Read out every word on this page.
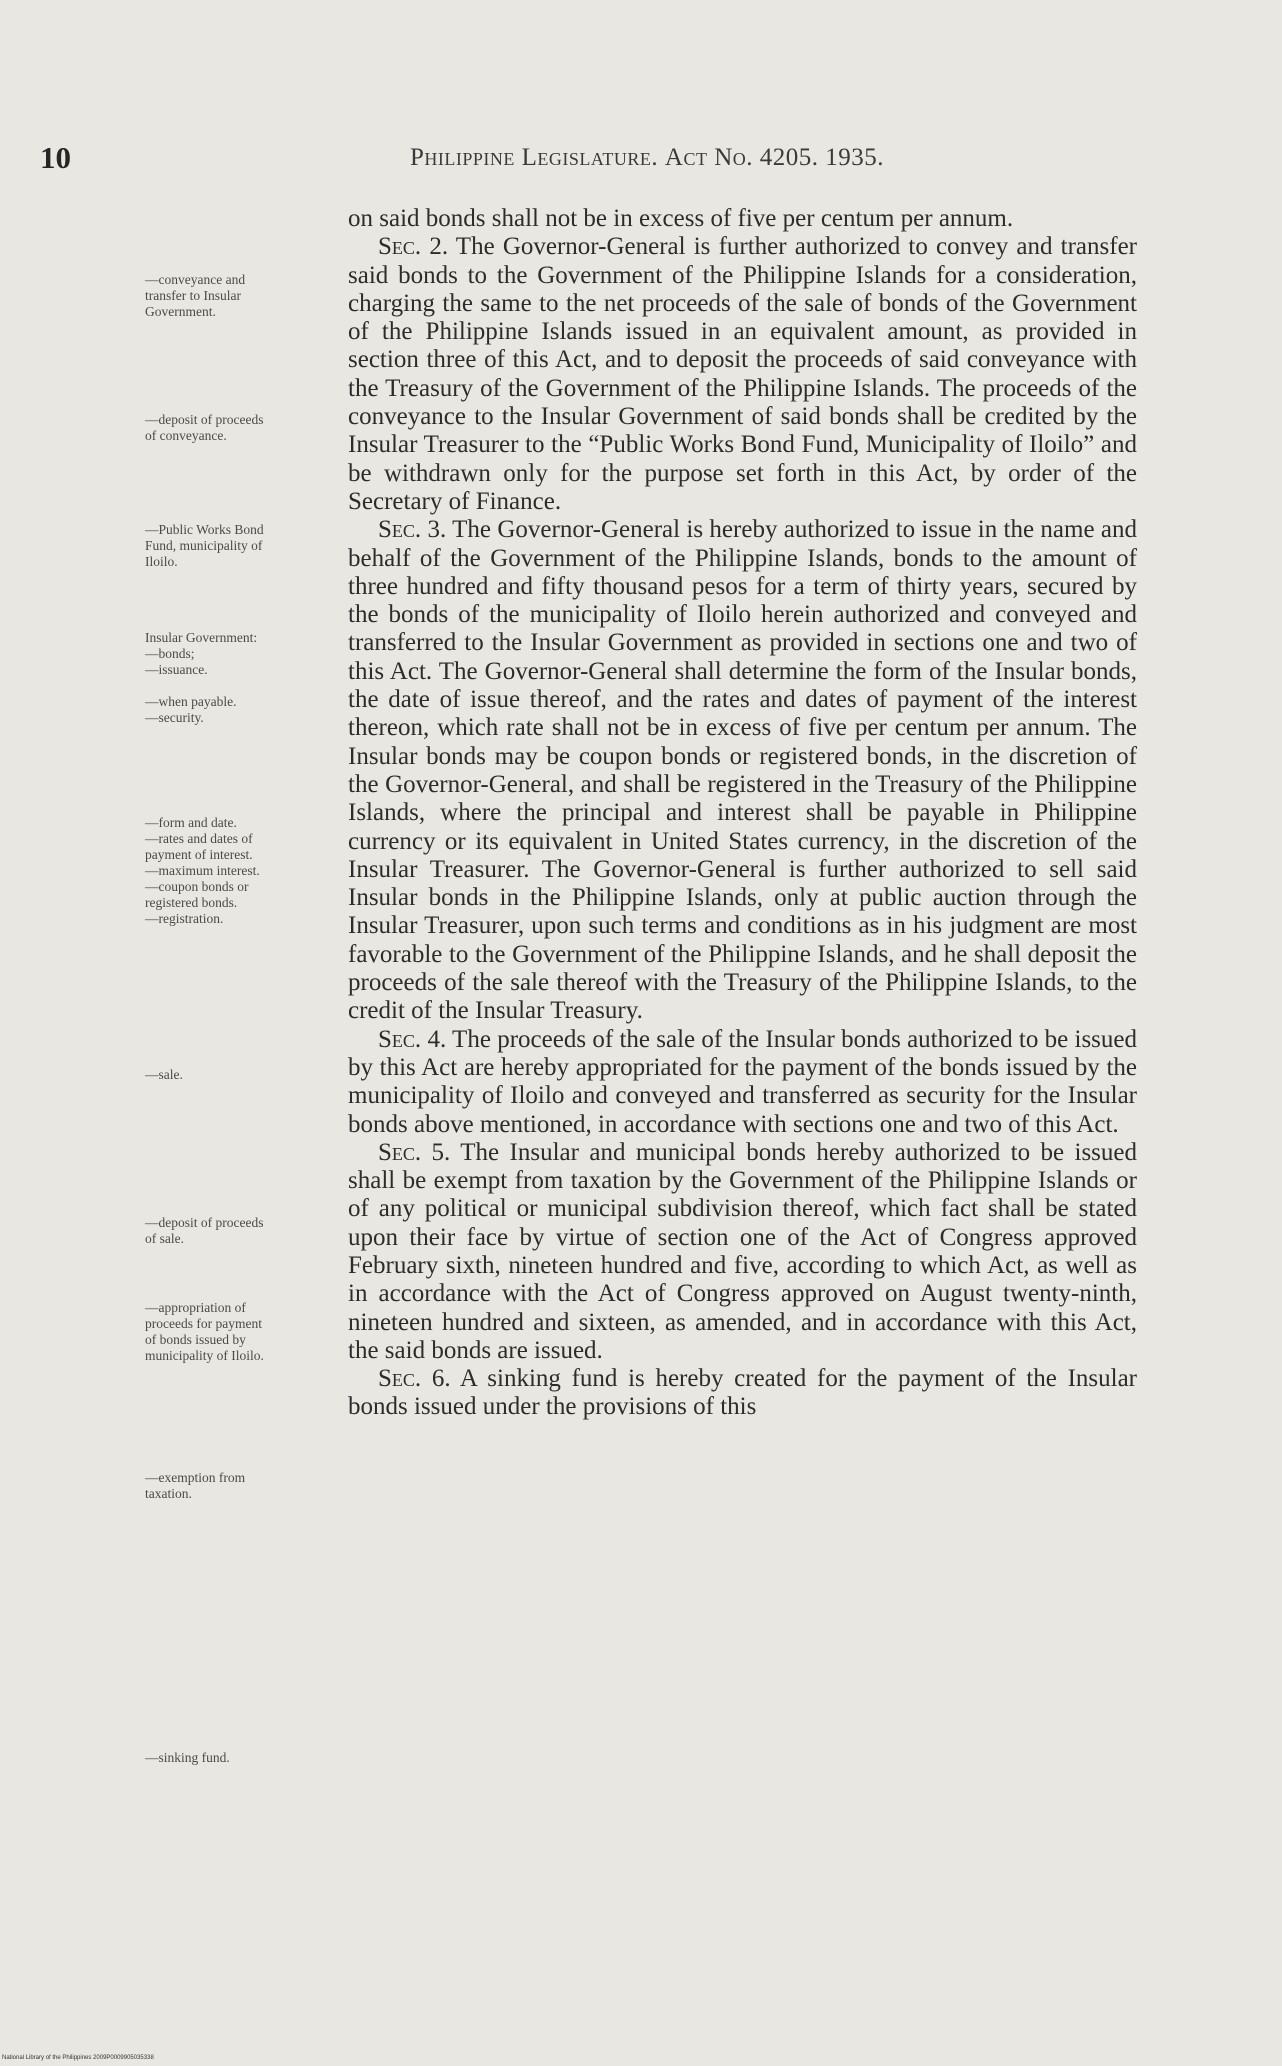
10	Philippine Legislature. Act No. 4205. 1935.

on said bonds shall not be in excess of five per centum per annum.

Sec. 2. The Governor-General is further authorized to convey and transfer said bonds to the Government of the Philippine Islands for a consideration, charging the same to the net proceeds of the sale of bonds of the Government of the Philippine Islands issued in an equivalent amount, as provided in section three of this Act, and to deposit the proceeds of said conveyance with the Treasury of the Government of the Philippine Islands. The proceeds of the conveyance to the Insular Government of said bonds shall be credited by the Insular Treasurer to the “Public Works Bond Fund, Municipality of Iloilo” and be withdrawn only for the purpose set forth in this Act, by order of the Secretary of Finance.

Sec. 3. The Governor-General is hereby authorized to issue in the name and behalf of the Government of the Philippine Islands, bonds to the amount of three hundred and fifty thousand pesos for a term of thirty years, secured by the bonds of the municipality of Iloilo herein authorized and conveyed and transferred to the Insular Government as provided in sections one and two of this Act. The Governor-General shall determine the form of the Insular bonds, the date of issue thereof, and the rates and dates of payment of the interest thereon, which rate shall not be in excess of five per centum per annum. The Insular bonds may be coupon bonds or registered bonds, in the discretion of the Governor-General, and shall be registered in the Treasury of the Philippine Islands, where the principal and interest shall be payable in Philippine currency or its equivalent in United States currency, in the discretion of the Insular Treasurer. The Governor-General is further authorized to sell said Insular bonds in the Philippine Islands, only at public auction through the Insular Treasurer, upon such terms and conditions as in his judgment are most favorable to the Government of the Philippine Islands, and he shall deposit the proceeds of the sale thereof with the Treasury of the Philippine Islands, to the credit of the Insular Treasury.

Sec. 4. The proceeds of the sale of the Insular bonds authorized to be issued by this Act are hereby appropriated for the payment of the bonds issued by the municipality of Iloilo and conveyed and transferred as security for the Insular bonds above mentioned, in accordance with sections one and two of this Act.

Sec. 5. The Insular and municipal bonds hereby authorized to be issued shall be exempt from taxation by the Government of the Philippine Islands or of any political or municipal subdivision thereof, which fact shall be stated upon their face by virtue of section one of the Act of Congress approved February sixth, nineteen hundred and five, according to which Act, as well as in accordance with the Act of Congress approved on August twenty-ninth, nineteen hundred and sixteen, as amended, and in accordance with this Act, the said bonds are issued.

Sec. 6. A sinking fund is hereby created for the payment of the Insular bonds issued under the provisions of this

—conveyance and
transfer to Insular
Government.
—deposit of proceeds
of conveyance.
—Public Works Bond
Fund, municipality of
Iloilo.
Insular Government:
—bonds;
—issuance.
—when payable.
—security.
—form and date.
—rates and dates of
payment of interest.
—maximum interest.
—coupon bonds or
registered bonds.
—registration.
—sale.
—deposit of proceeds
of sale.
—appropriation of
proceeds for payment
of bonds issued by
municipality of Iloilo.
—exemption from
taxation.
—sinking fund.
National Library of the Philippines 2009P0009905035338
